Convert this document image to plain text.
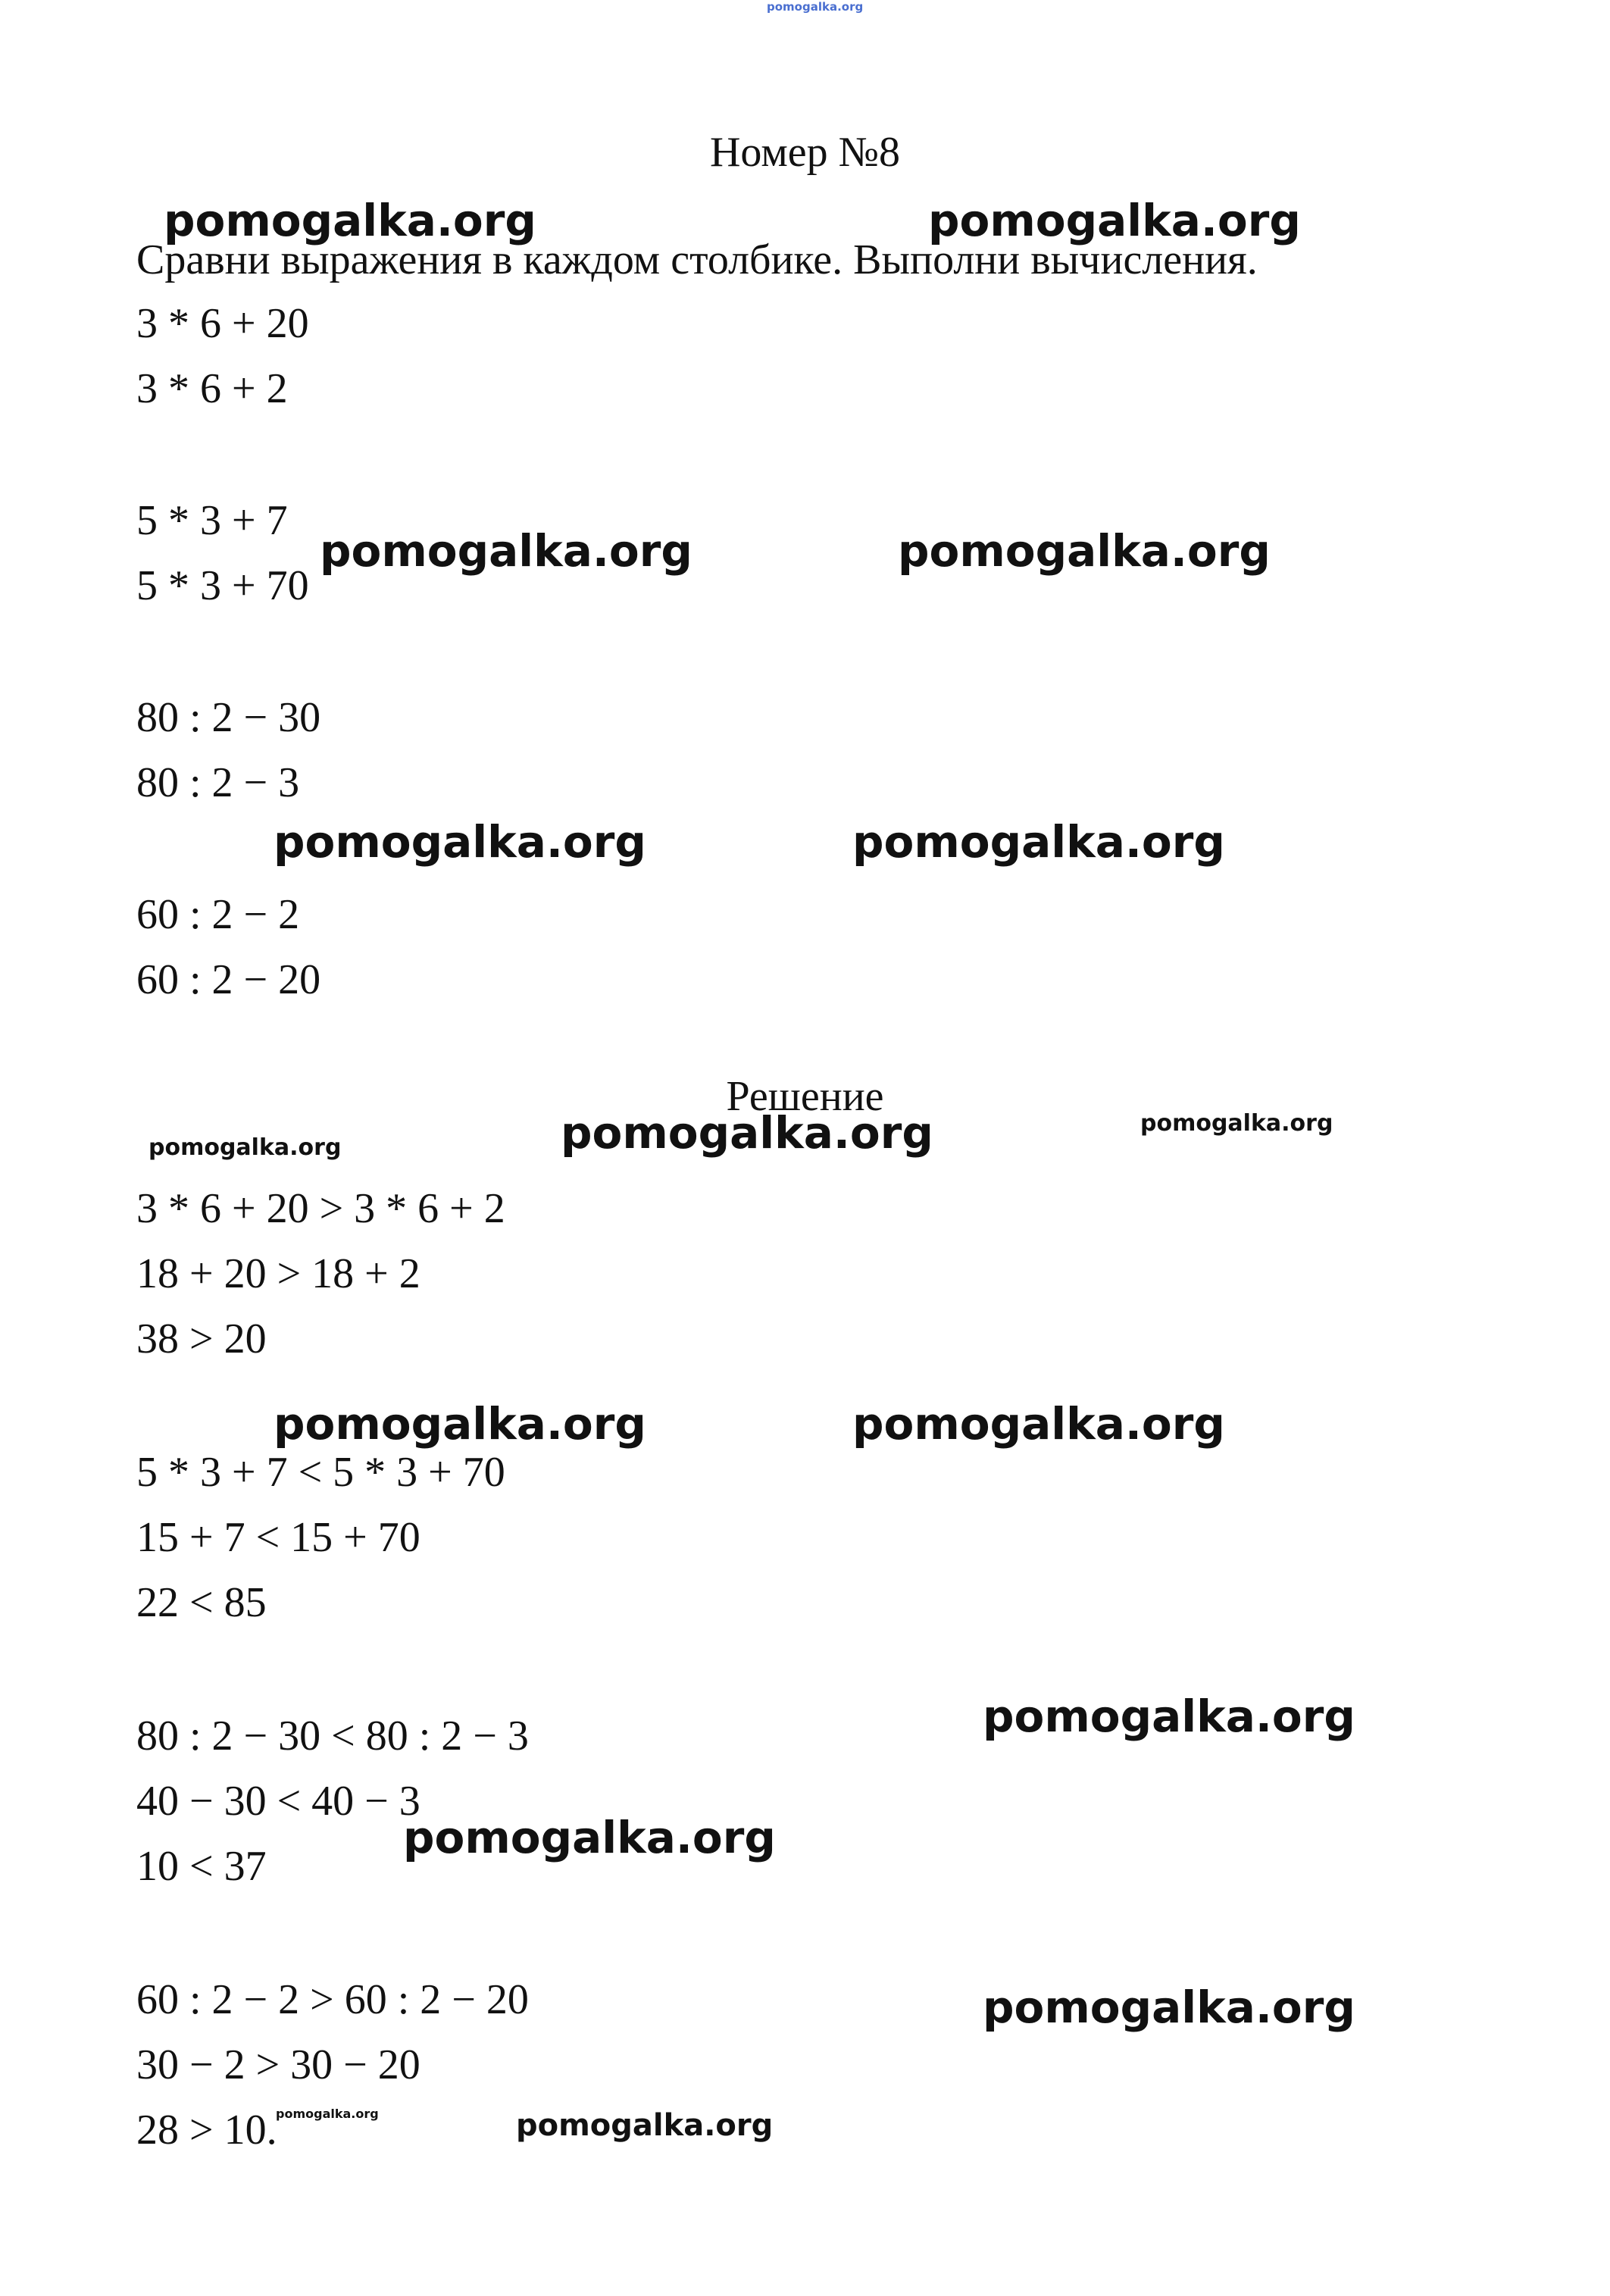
pomogalka.org
Номер №8
Сравни выражения в каждом столбике. Выполни вычисления.
3 * 6 + 20
3 * 6 + 2
5 * 3 + 7
5 * 3 + 70
80 : 2 − 30
80 : 2 − 3
60 : 2 − 2
60 : 2 − 20
Решение
3 * 6 + 20 > 3 * 6 + 2
18 + 20 > 18 + 2
38 > 20
5 * 3 + 7 < 5 * 3 + 70
15 + 7 < 15 + 70
22 < 85
80 : 2 − 30 < 80 : 2 − 3
40 − 30 < 40 − 3
10 < 37
60 : 2 − 2 > 60 : 2 − 20
30 − 2 > 30 − 20
28 > 10.
pomogalka.org	pomogalka.org
pomogalka.org	pomogalka.org
pomogalka.org	pomogalka.org
pomogalka.org	pomogalka.org	pomogalka.org
pomogalka.org	pomogalka.org
pomogalka.org
pomogalka.org
pomogalka.org
pomogalka.org	pomogalka.org
